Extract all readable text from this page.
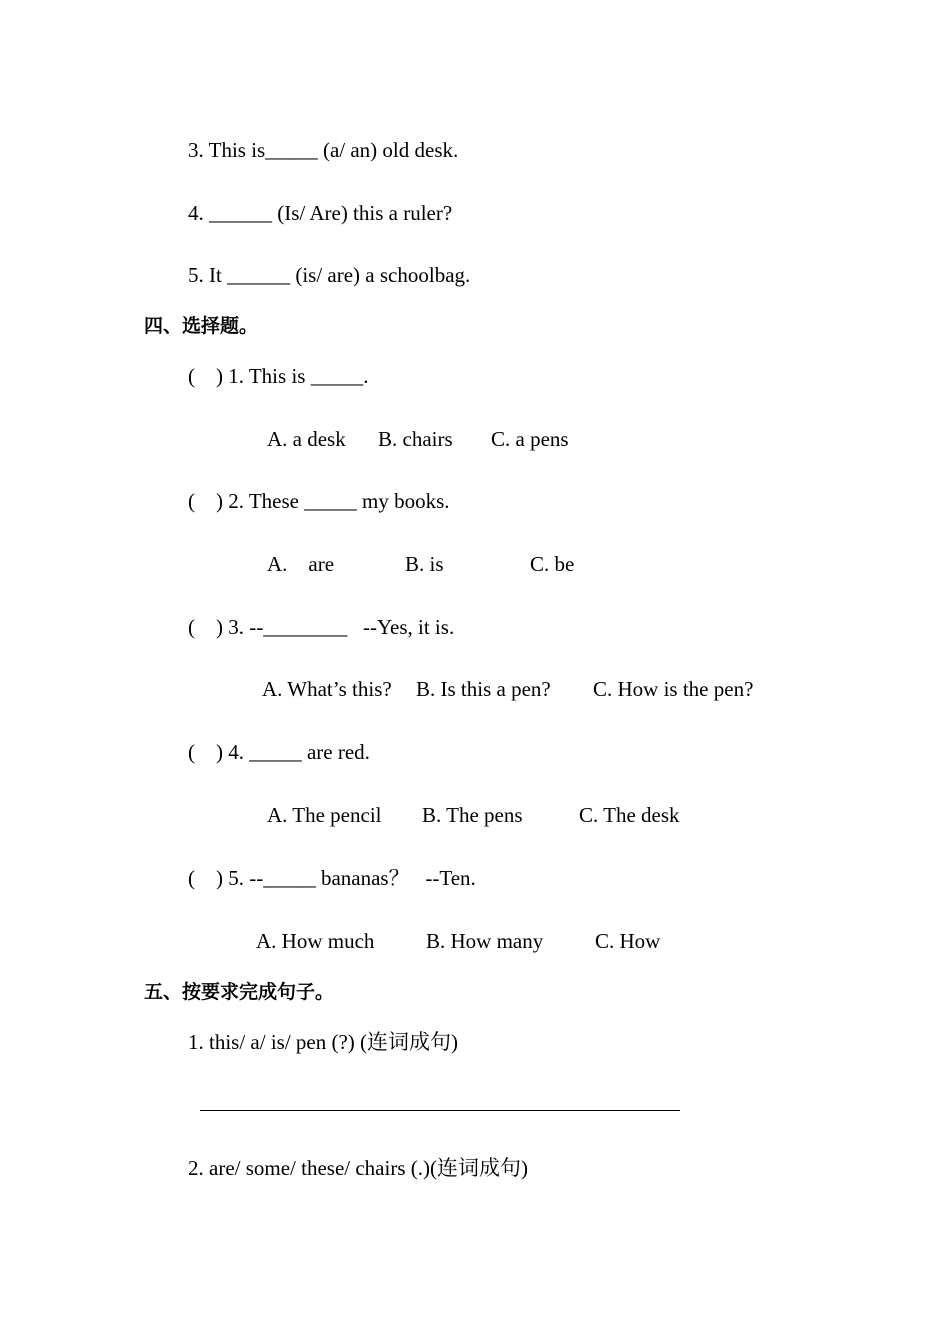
3. This is_____ (a/ an) old desk.
4. ______ (Is/ Are) this a ruler?
5. It ______ (is/ are) a schoolbag.
四、选择题。
(    ) 1. This is _____.
A. a desk B. chairs C. a pens
(    ) 2. These _____ my books.
A.    are	B. is	C. be
(    ) 3. --________   --Yes, it is.
A. What’s this? B. Is this a pen? C. How is the pen?
(    ) 4. _____ are red.
A. The pencil B. The pens	C. The desk
(    ) 5. --_____ bananas？   --Ten.
A. How much B. How many C. How
五、按要求完成句子。
1. this/ a/ is/ pen (?) (连词成句)
2. are/ some/ these/ chairs (.)(连词成句)
